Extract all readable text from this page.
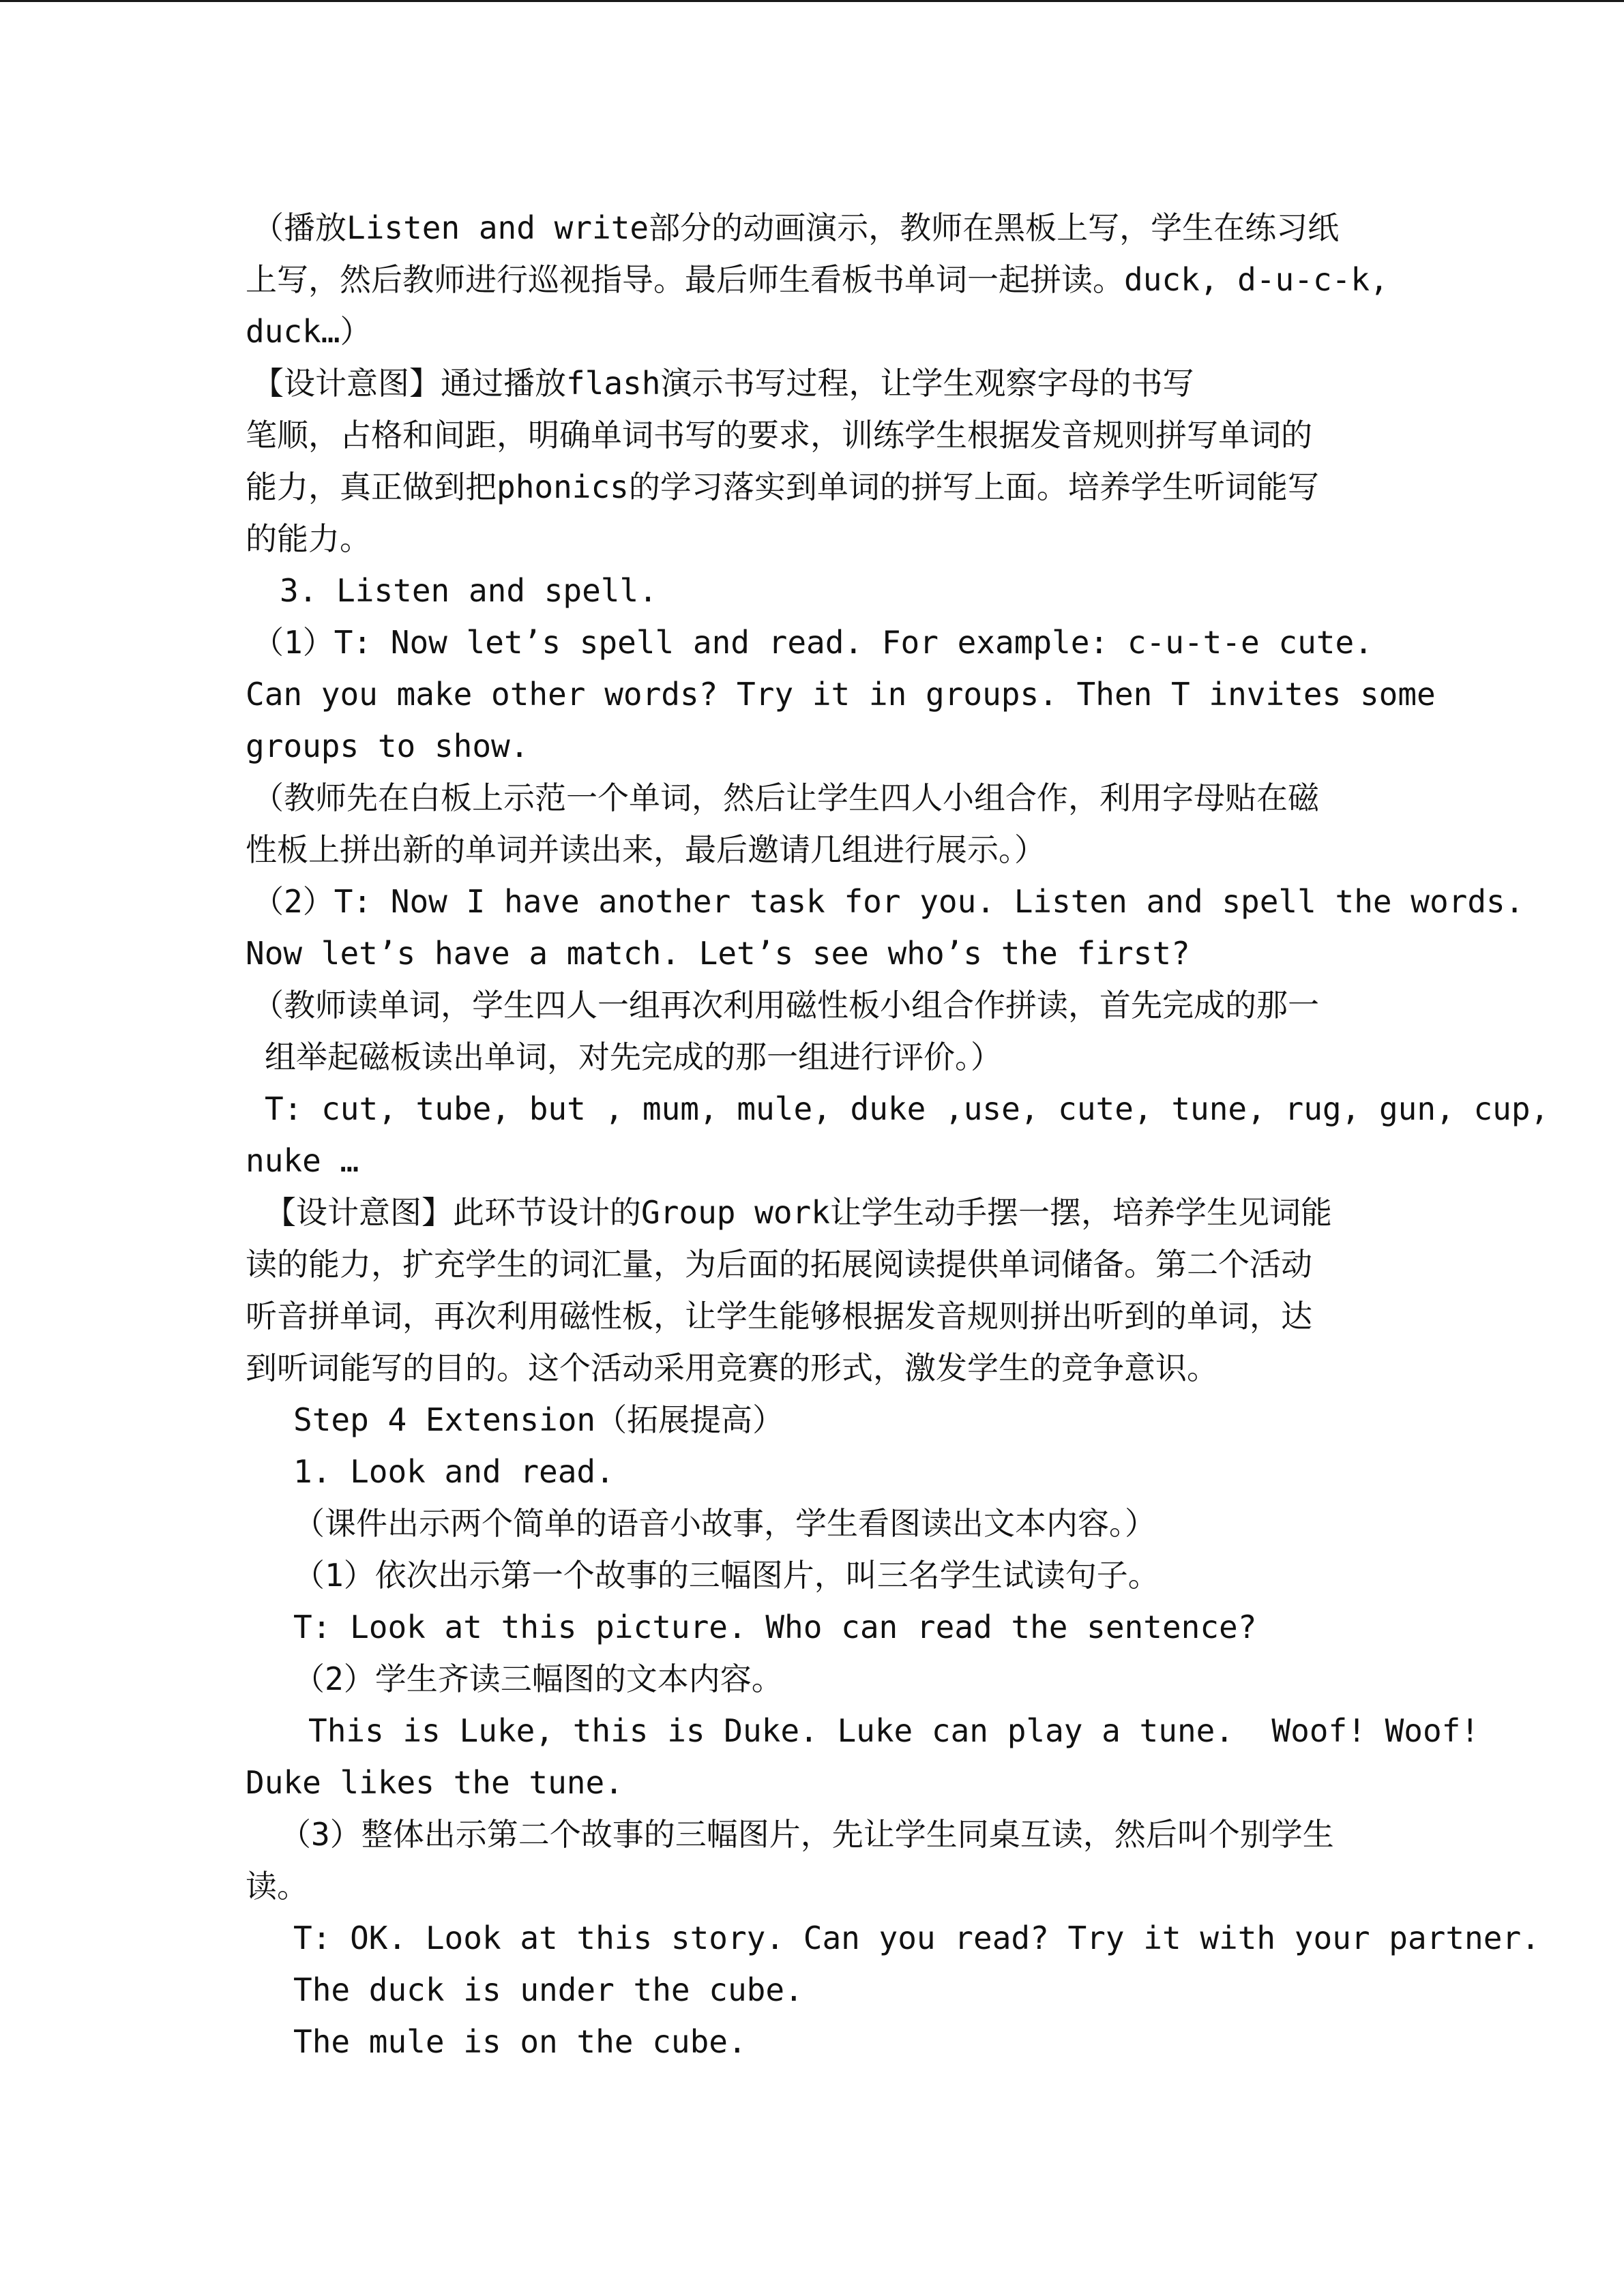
（播放Listen and write部分的动画演示，教师在黑板上写，学生在练习纸
上写，然后教师进行巡视指导。最后师生看板书单词一起拼读。duck, d-u-c-k,
duck…）
【设计意图】通过播放flash演示书写过程，让学生观察字母的书写
笔顺，占格和间距，明确单词书写的要求，训练学生根据发音规则拼写单词的
能力，真正做到把phonics的学习落实到单词的拼写上面。培养学生听词能写
的能力。
3. Listen and spell.
（1）T: Now let’s spell and read. For example: c-u-t-e cute.
Can you make other words? Try it in groups. Then T invites some
groups to show.
（教师先在白板上示范一个单词，然后让学生四人小组合作，利用字母贴在磁
性板上拼出新的单词并读出来，最后邀请几组进行展示。）
（2）T: Now I have another task for you. Listen and spell the words.
Now let’s have a match. Let’s see who’s the first?
（教师读单词，学生四人一组再次利用磁性板小组合作拼读，首先完成的那一
组举起磁板读出单词，对先完成的那一组进行评价。）
T: cut, tube, but , mum, mule, duke ,use, cute, tune, rug, gun, cup,
nuke …
【设计意图】此环节设计的Group work让学生动手摆一摆，培养学生见词能
读的能力，扩充学生的词汇量，为后面的拓展阅读提供单词储备。第二个活动
听音拼单词，再次利用磁性板，让学生能够根据发音规则拼出听到的单词，达
到听词能写的目的。这个活动采用竞赛的形式，激发学生的竞争意识。
Step 4 Extension（拓展提高）
1. Look and read.
（课件出示两个简单的语音小故事，学生看图读出文本内容。）
（1）依次出示第一个故事的三幅图片，叫三名学生试读句子。
T: Look at this picture. Who can read the sentence?
（2）学生齐读三幅图的文本内容。
This is Luke, this is Duke. Luke can play a tune.  Woof! Woof!
Duke likes the tune.
（3）整体出示第二个故事的三幅图片，先让学生同桌互读，然后叫个别学生
读。
T: OK. Look at this story. Can you read? Try it with your partner.
The duck is under the cube.
The mule is on the cube.
